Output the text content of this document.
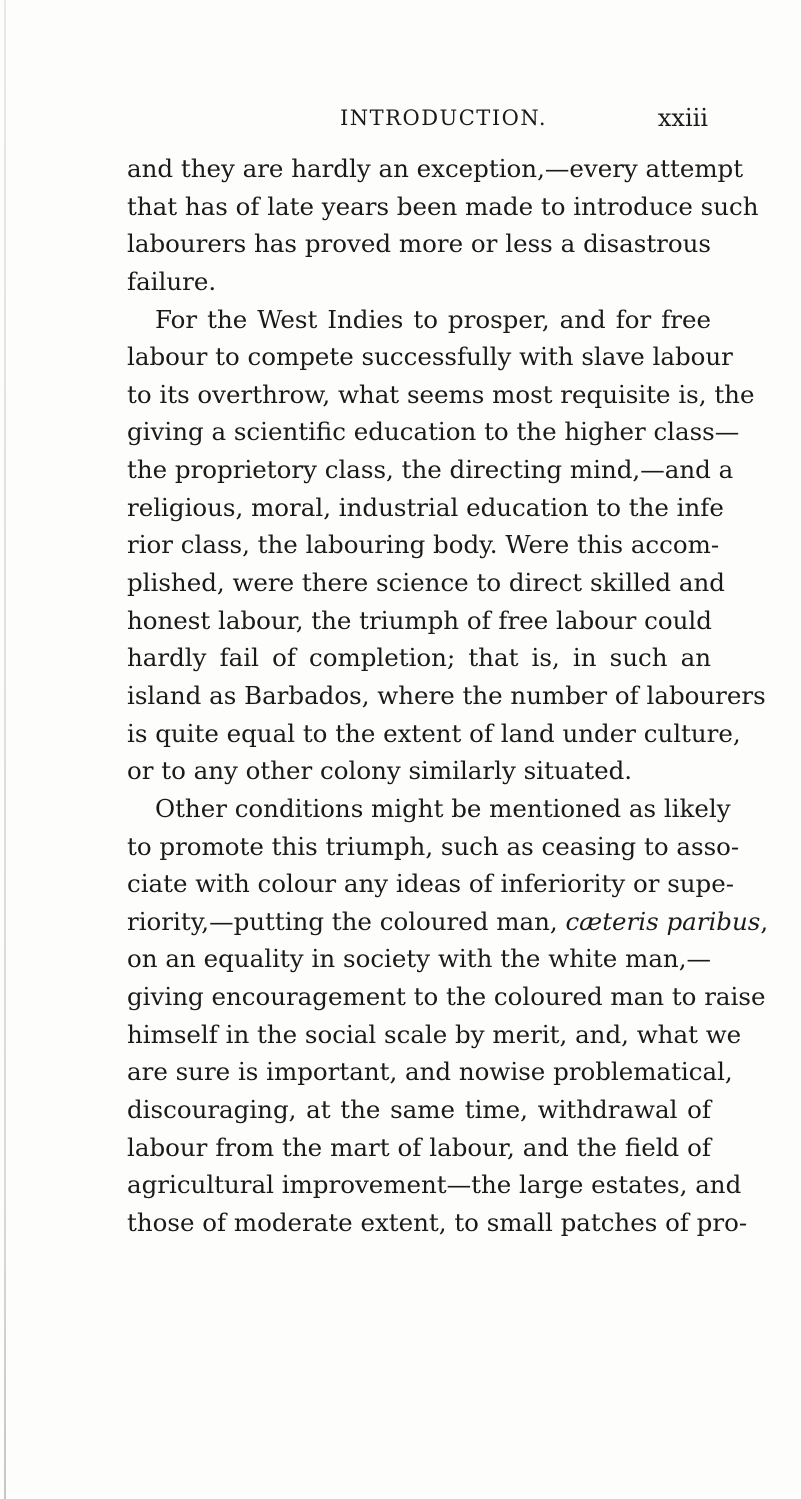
INTRODUCTION.	xxiii
and they are hardly an exception,—every attempt
that has of late years been made to introduce such
labourers has proved more or less a disastrous
failure.
For the West Indies to prosper, and for free
labour to compete successfully with slave labour
to its overthrow, what seems most requisite is, the
giving a scientific education to the higher class—
the proprietory class, the directing mind,—and a
religious, moral, industrial education to the infe
rior class, the labouring body. Were this accom-
plished, were there science to direct skilled and
honest labour, the triumph of free labour could
hardly fail of completion; that is, in such an
island as Barbados, where the number of labourers
is quite equal to the extent of land under culture,
or to any other colony similarly situated.
Other conditions might be mentioned as likely
to promote this triumph, such as ceasing to asso-
ciate with colour any ideas of inferiority or supe-
riority,—putting the coloured man, cæteris paribus,
on an equality in society with the white man,—
giving encouragement to the coloured man to raise
himself in the social scale by merit, and, what we
are sure is important, and nowise problematical,
discouraging, at the same time, withdrawal of
labour from the mart of labour, and the field of
agricultural improvement—the large estates, and
those of moderate extent, to small patches of pro-
